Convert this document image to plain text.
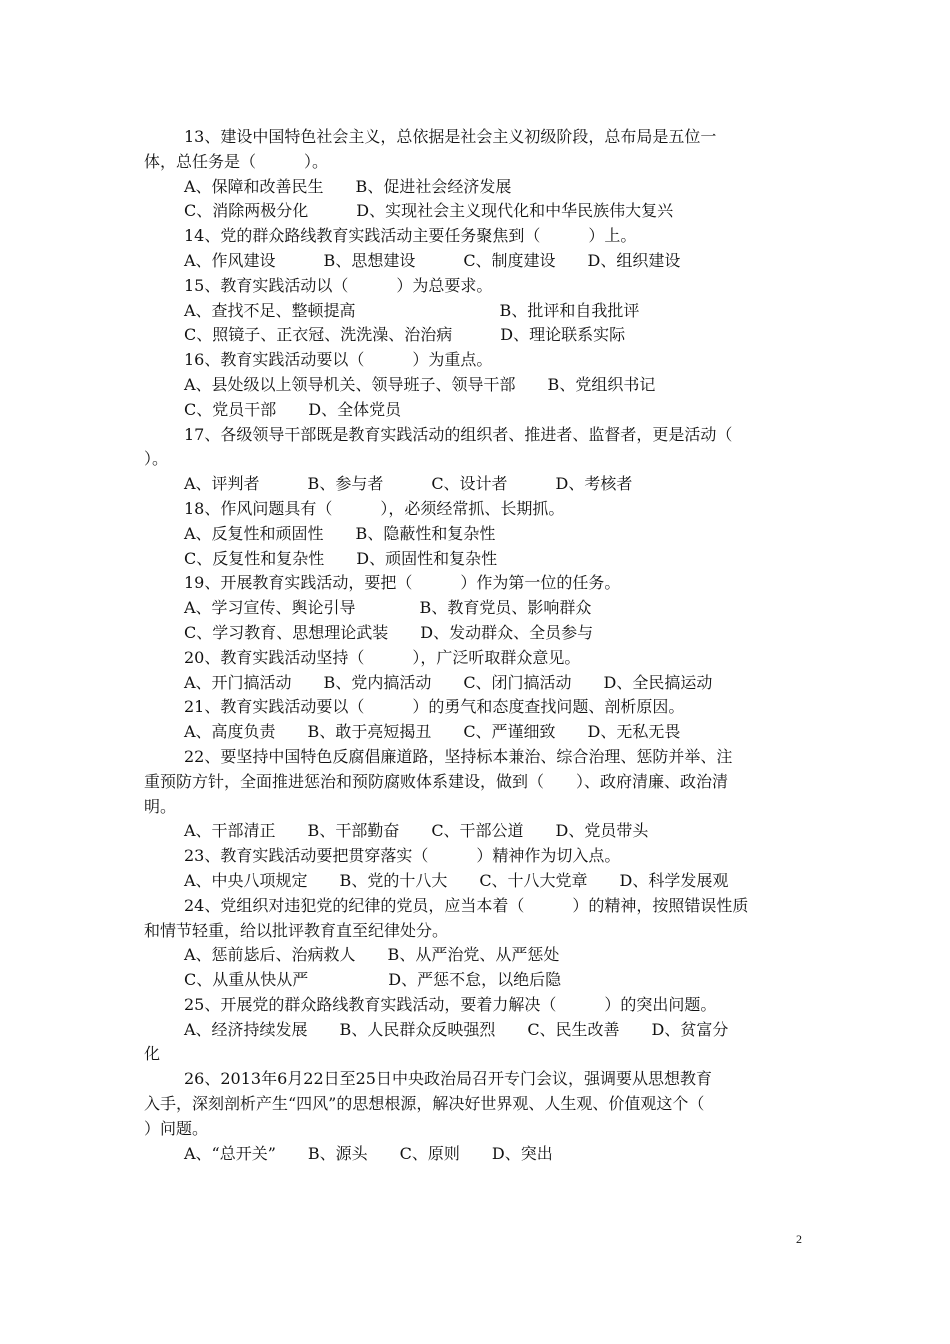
13、建设中国特色社会主义，总依据是社会主义初级阶段，总布局是五位一
体，总任务是（　　　）。
A、保障和改善民生　　B、促进社会经济发展
C、消除两极分化　　　D、实现社会主义现代化和中华民族伟大复兴
14、党的群众路线教育实践活动主要任务聚焦到（　　　）上。
A、作风建设　　　B、思想建设　　　C、制度建设　　D、组织建设
15、教育实践活动以（　　　）为总要求。
A、查找不足、整顿提高　　　　　　　　　B、批评和自我批评
C、照镜子、正衣冠、洗洗澡、治治病　　　D、理论联系实际
16、教育实践活动要以（　　　）为重点。
A、县处级以上领导机关、领导班子、领导干部　　B、党组织书记
C、党员干部　　D、全体党员
17、各级领导干部既是教育实践活动的组织者、推进者、监督者，更是活动（
）。
A、评判者　　　B、参与者　　　C、设计者　　　D、考核者
18、作风问题具有（　　　），必须经常抓、长期抓。
A、反复性和顽固性　　B、隐蔽性和复杂性
C、反复性和复杂性　　D、顽固性和复杂性
19、开展教育实践活动，要把（　　　）作为第一位的任务。
A、学习宣传、舆论引导　　　　B、教育党员、影响群众
C、学习教育、思想理论武装　　D、发动群众、全员参与
20、教育实践活动坚持（　　　），广泛听取群众意见。
A、开门搞活动　　B、党内搞活动　　C、闭门搞活动　　D、全民搞运动
21、教育实践活动要以（　　　）的勇气和态度查找问题、剖析原因。
A、高度负责　　B、敢于亮短揭丑　　C、严谨细致　　D、无私无畏
22、要坚持中国特色反腐倡廉道路，坚持标本兼治、综合治理、惩防并举、注
重预防方针，全面推进惩治和预防腐败体系建设，做到（　　）、政府清廉、政治清
明。
A、干部清正　　B、干部勤奋　　C、干部公道　　D、党员带头
23、教育实践活动要把贯穿落实（　　　）精神作为切入点。
A、中央八项规定　　B、党的十八大　　C、十八大党章　　D、科学发展观
24、党组织对违犯党的纪律的党员，应当本着（　　　）的精神，按照错误性质
和情节轻重，给以批评教育直至纪律处分。
A、惩前毖后、治病救人　　B、从严治党、从严惩处
C、从重从快从严　　　　　D、严惩不怠，以绝后隐
25、开展党的群众路线教育实践活动，要着力解决（　　　）的突出问题。
A、经济持续发展　　B、人民群众反映强烈　　C、民生改善　　D、贫富分
化
26、2013年6月22日至25日中央政治局召开专门会议，强调要从思想教育
入手，深刻剖析产生“四风”的思想根源，解决好世界观、人生观、价值观这个（
）问题。
A、“总开关”　　B、源头　　C、原则　　D、突出
2
